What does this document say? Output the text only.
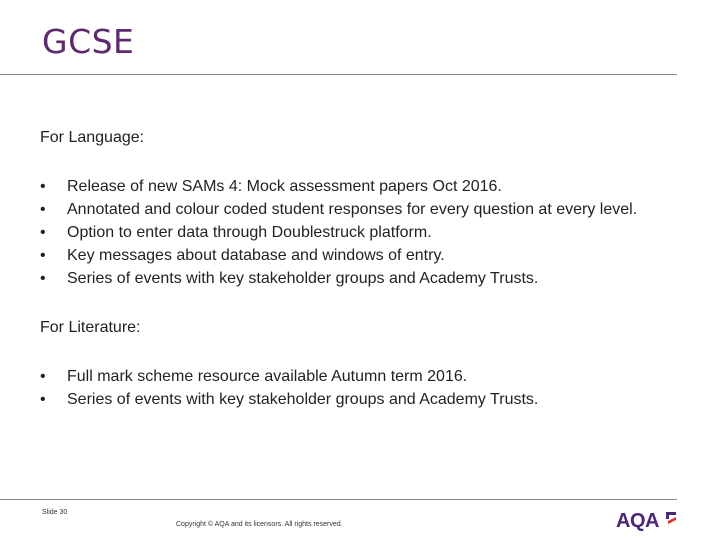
GCSE

For Language:

•	Release of new SAMs 4: Mock assessment papers Oct 2016.
•	Annotated and colour coded student responses for every question at every level.
•	Option to enter data through Doublestruck platform.
•	Key messages about database and windows of entry.
•	Series of events with key stakeholder groups and Academy Trusts.

For Literature:

•	Full mark scheme resource available Autumn term 2016.
•	Series of events with key stakeholder groups and Academy Trusts.
Slide 30
Copyright © AQA and its licensors. All rights reserved.	AQA
